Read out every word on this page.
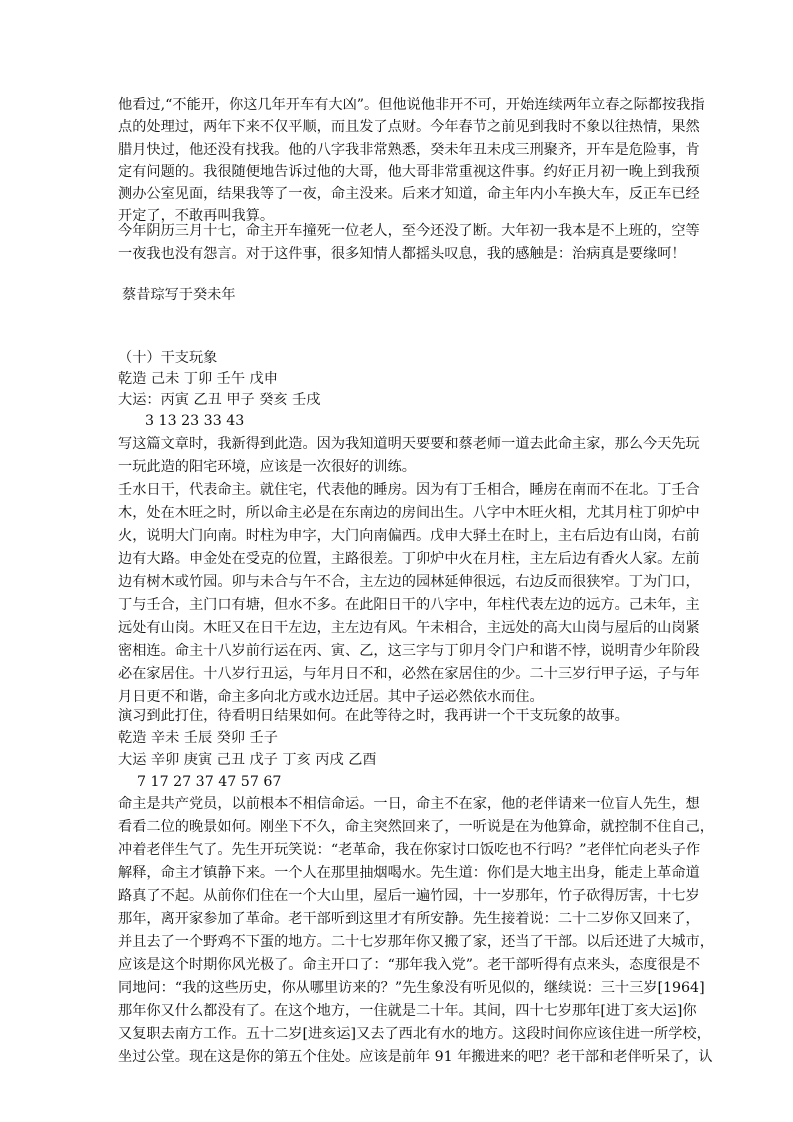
他看过,“不能开，你这几年开车有大凶”。但他说他非开不可，开始连续两年立春之际都按我指
点的处理过，两年下来不仅平顺，而且发了点财。今年春节之前见到我时不象以往热情，果然
腊月快过，他还没有找我。他的八字我非常熟悉，癸未年丑未戌三刑聚齐，开车是危险事，肯
定有问题的。我很随便地告诉过他的大哥，他大哥非常重视这件事。约好正月初一晚上到我预
测办公室见面，结果我等了一夜，命主没来。后来才知道，命主年内小车换大车，反正车已经
开定了，不敢再叫我算。
今年阴历三月十七，命主开车撞死一位老人，至今还没了断。大年初一我本是不上班的，空等
一夜我也没有怨言。对于这件事，很多知情人都摇头叹息，我的感触是：治病真是要缘呵！
蔡昔琮写于癸未年
（十）干支玩象
乾造 己未 丁卯 壬午 戊申
大运：丙寅 乙丑 甲子 癸亥 壬戌
3 13 23 33 43
写这篇文章时，我新得到此造。因为我知道明天要要和蔡老师一道去此命主家，那么今天先玩
一玩此造的阳宅环境，应该是一次很好的训练。
壬水日干，代表命主。就住宅，代表他的睡房。因为有丁壬相合，睡房在南而不在北。丁壬合
木，处在木旺之时，所以命主必是在东南边的房间出生。八字中木旺火相，尤其月柱丁卯炉中
火，说明大门向南。时柱为申字，大门向南偏西。戊申大驿土在时上，主右后边有山岗，右前
边有大路。申金处在受克的位置，主路很差。丁卯炉中火在月柱，主左后边有香火人家。左前
边有树木或竹园。卯与未合与午不合，主左边的园林延伸很远，右边反而很狭窄。丁为门口，
丁与壬合，主门口有塘，但水不多。在此阳日干的八字中，年柱代表左边的远方。己未年，主
远处有山岗。木旺又在日干左边，主左边有风。午未相合，主远处的高大山岗与屋后的山岗紧
密相连。命主十八岁前行运在丙、寅、乙，这三字与丁卯月令门户和谐不悖，说明青少年阶段
必在家居住。十八岁行丑运，与年月日不和，必然在家居住的少。二十三岁行甲子运，子与年
月日更不和谐，命主多向北方或水边迁居。其中子运必然依水而住。
演习到此打住，待看明日结果如何。在此等待之时，我再讲一个干支玩象的故事。
乾造 辛未 壬辰 癸卯 壬子
大运 辛卯 庚寅 己丑 戊子 丁亥 丙戌 乙酉
7 17 27 37 47 57 67
命主是共产党员，以前根本不相信命运。一日，命主不在家，他的老伴请来一位盲人先生，想
看看二位的晚景如何。刚坐下不久，命主突然回来了，一听说是在为他算命，就控制不住自己，
冲着老伴生气了。先生开玩笑说：“老革命，我在你家讨口饭吃也不行吗？”老伴忙向老头子作
解释，命主才镇静下来。一个人在那里抽烟喝水。先生道：你们是大地主出身，能走上革命道
路真了不起。从前你们住在一个大山里，屋后一遍竹园，十一岁那年，竹子砍得厉害，十七岁
那年，离开家参加了革命。老干部听到这里才有所安静。先生接着说：二十二岁你又回来了，
并且去了一个野鸡不下蛋的地方。二十七岁那年你又搬了家，还当了干部。以后还进了大城市，
应该是这个时期你风光极了。命主开口了：“那年我入党”。老干部听得有点来头，态度很是不
同地问：“我的这些历史，你从哪里访来的？”先生象没有听见似的，继续说：三十三岁[1964]
那年你又什么都没有了。在这个地方，一住就是二十年。其间，四十七岁那年[进丁亥大运]你
又复职去南方工作。五十二岁[进亥运]又去了西北有水的地方。这段时间你应该住进一所学校，
坐过公堂。现在这是你的第五个住处。应该是前年 91 年搬进来的吧？老干部和老伴听呆了，认
